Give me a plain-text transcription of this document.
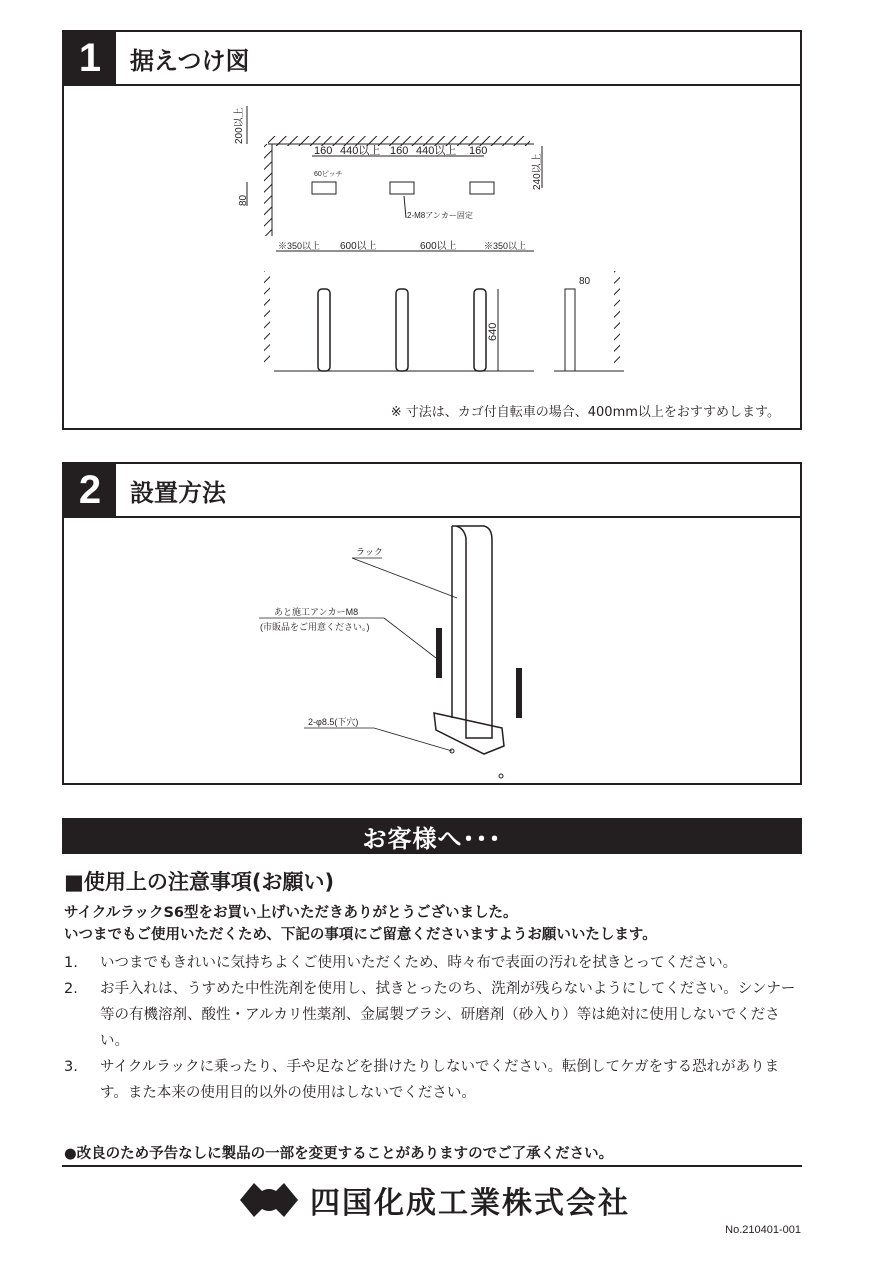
1	据えつけ図
200以上
80
160 440以上 160 440以上 160
240以上
60ピッチ
2-M8アンカー固定
※350以上 600以上	600以上	※350以上
640
80
※ 寸法は、カゴ付自転車の場合、400mm以上をおすすめします。
2	設置方法
ラック
あと施工アンカーM8
(市販品をご用意ください。)
2-φ8.5(下穴)
お客様へ･･･
■使用上の注意事項(お願い)
サイクルラックS6型をお買い上げいただきありがとうございました。
いつまでもご使用いただくため、下記の事項にご留意くださいますようお願いいたします。
1.	いつまでもきれいに気持ちよくご使用いただくため、時々布で表面の汚れを拭きとってください。
2.	お手入れは、うすめた中性洗剤を使用し、拭きとったのち、洗剤が残らないようにしてください。シンナー等の有機溶剤、酸性・アルカリ性薬剤、金属製ブラシ、研磨剤（砂入り）等は絶対に使用しないでください。
3.	サイクルラックに乗ったり、手や足などを掛けたりしないでください。転倒してケガをする恐れがあります。また本来の使用目的以外の使用はしないでください。
●改良のため予告なしに製品の一部を変更することがありますのでご了承ください。
四国化成工業株式会社
No.210401-001
